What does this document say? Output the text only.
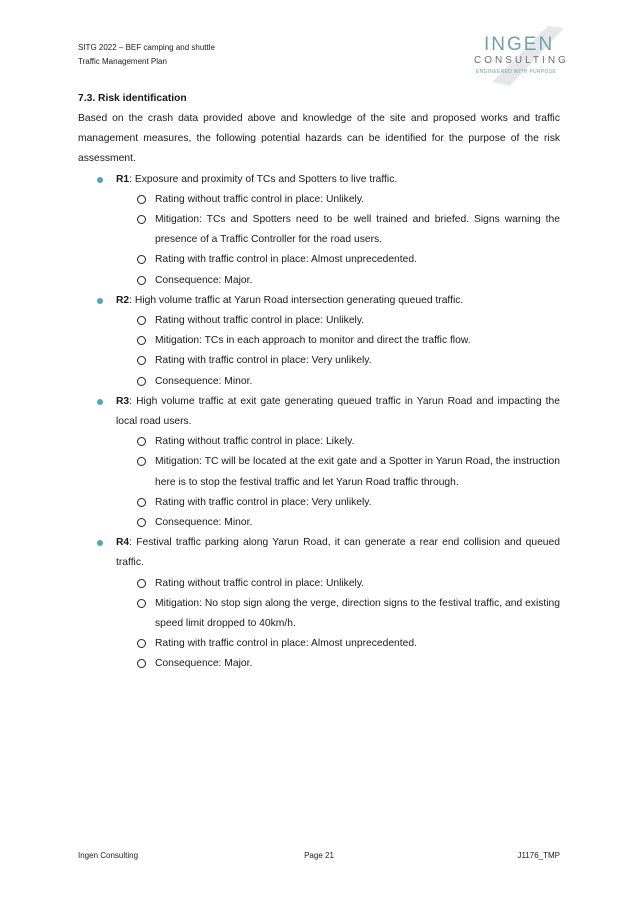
SITG 2022 – BEF camping and shuttle
Traffic Management Plan
INGEN
CONSULTING
ENGINEERED WITH PURPOSE
7.3. Risk identification

Based on the crash data provided above and knowledge of the site and proposed works and traffic management measures, the following potential hazards can be identified for the purpose of the risk assessment.

R1: Exposure and proximity of TCs and Spotters to live traffic.
Rating without traffic control in place: Unlikely.
Mitigation: TCs and Spotters need to be well trained and briefed. Signs warning the presence of a Traffic Controller for the road users.
Rating with traffic control in place: Almost unprecedented.
Consequence: Major.
R2: High volume traffic at Yarun Road intersection generating queued traffic.
Rating without traffic control in place: Unlikely.
Mitigation: TCs in each approach to monitor and direct the traffic flow.
Rating with traffic control in place: Very unlikely.
Consequence: Minor.
R3: High volume traffic at exit gate generating queued traffic in Yarun Road and impacting the local road users.
Rating without traffic control in place: Likely.
Mitigation: TC will be located at the exit gate and a Spotter in Yarun Road, the instruction here is to stop the festival traffic and let Yarun Road traffic through.
Rating with traffic control in place: Very unlikely.
Consequence: Minor.
R4: Festival traffic parking along Yarun Road, it can generate a rear end collision and queued traffic.
Rating without traffic control in place: Unlikely.
Mitigation: No stop sign along the verge, direction signs to the festival traffic, and existing speed limit dropped to 40km/h.
Rating with traffic control in place: Almost unprecedented.
Consequence: Major.
Ingen Consulting	Page 21	J1176_TMP
